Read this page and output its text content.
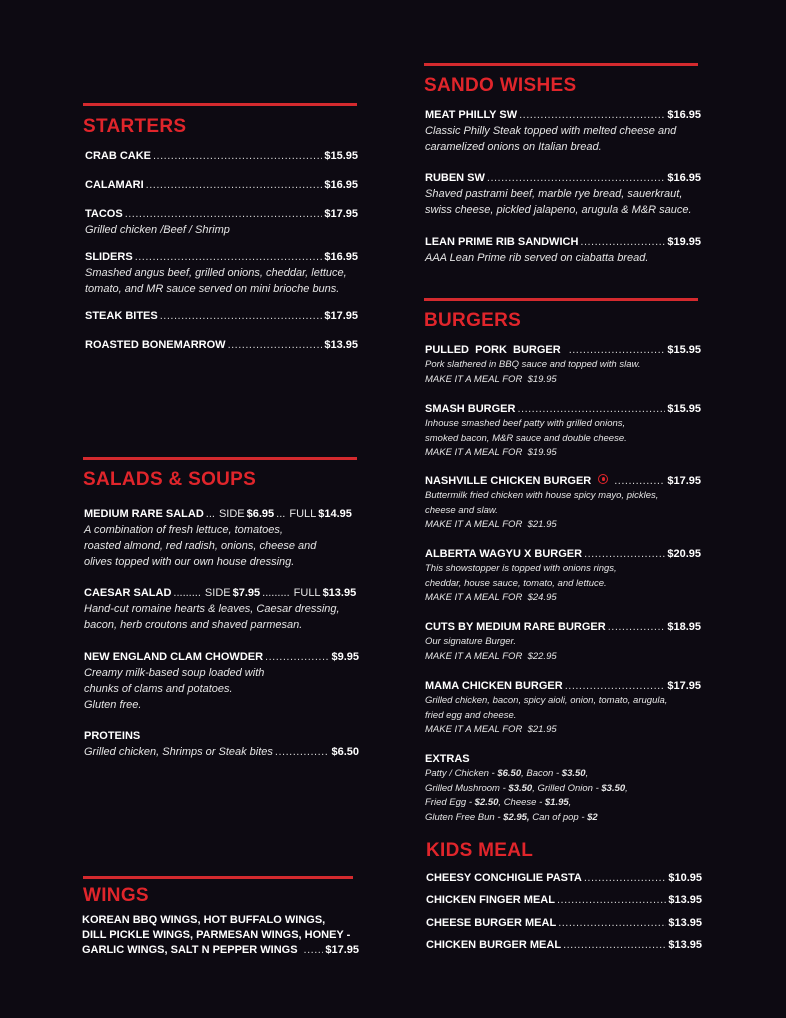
STARTERS
CRAB CAKE .....	$15.95
CALAMARI .....	$16.95
TACOS .....	$17.95
Grilled chicken /Beef / Shrimp
SLIDERS .....	$16.95
Smashed angus beef, grilled onions, cheddar, lettuce,
tomato, and MR sauce served on mini brioche buns.
STEAK BITES .....	$17.95
ROASTED BONEMARROW .....	$13.95
SALADS & SOUPS
MEDIUM RARE SALAD ... SIDE $6.95 ... FULL $14.95
A combination of fresh lettuce, tomatoes,
roasted almond, red radish, onions, cheese and
olives topped with our own house dressing.
CAESAR SALAD ......... SIDE $7.95 ......... FULL $13.95
Hand-cut romaine hearts & leaves, Caesar dressing,
bacon, herb croutons and shaved parmesan.
NEW ENGLAND CLAM CHOWDER .....	$9.95
Creamy milk-based soup loaded with
chunks of clams and potatoes.
Gluten free.
PROTEINS
Grilled chicken, Shrimps or Steak bites .....	$6.50
WINGS
KOREAN BBQ WINGS, HOT BUFFALO WINGS,
DILL PICKLE WINGS, PARMESAN WINGS, HONEY -
GARLIC WINGS, SALT N PEPPER WINGS .....	$17.95
SANDO WISHES
MEAT PHILLY SW .....	$16.95
Classic Philly Steak topped with melted cheese and
caramelized onions on Italian bread.
RUBEN SW .....	$16.95
Shaved pastrami beef, marble rye bread, sauerkraut,
swiss cheese, pickled jalapeno, arugula & M&R sauce.
LEAN PRIME RIB SANDWICH .....	$19.95
AAA Lean Prime rib served on ciabatta bread.
BURGERS
PULLED  PORK  BURGER .....	$15.95
Pork slathered in BBQ sauce and topped with slaw.
MAKE IT A MEAL FOR  $19.95
SMASH BURGER .....	$15.95
Inhouse smashed beef patty with grilled onions,
smoked bacon, M&R sauce and double cheese.
MAKE IT A MEAL FOR  $19.95
NASHVILLE CHICKEN BURGER .....	$17.95
Buttermilk fried chicken with house spicy mayo, pickles,
cheese and slaw.
MAKE IT A MEAL FOR  $21.95
ALBERTA WAGYU X BURGER .....	$20.95
This showstopper is topped with onions rings,
cheddar, house sauce, tomato, and lettuce.
MAKE IT A MEAL FOR  $24.95
CUTS BY MEDIUM RARE BURGER .....	$18.95
Our signature Burger.
MAKE IT A MEAL FOR  $22.95
MAMA CHICKEN BURGER .....	$17.95
Grilled chicken, bacon, spicy aioli, onion, tomato, arugula,
fried egg and cheese.
MAKE IT A MEAL FOR  $21.95
EXTRAS
Patty / Chicken - $6.50, Bacon - $3.50,
Grilled Mushroom - $3.50, Grilled Onion - $3.50,
Fried Egg - $2.50, Cheese - $1.95,
Gluten Free Bun - $2.95, Can of pop - $2
KIDS MEAL
CHEESY CONCHIGLIE PASTA .....	$10.95
CHICKEN FINGER MEAL .....	$13.95
CHEESE BURGER MEAL .....	$13.95
CHICKEN BURGER MEAL .....	$13.95
